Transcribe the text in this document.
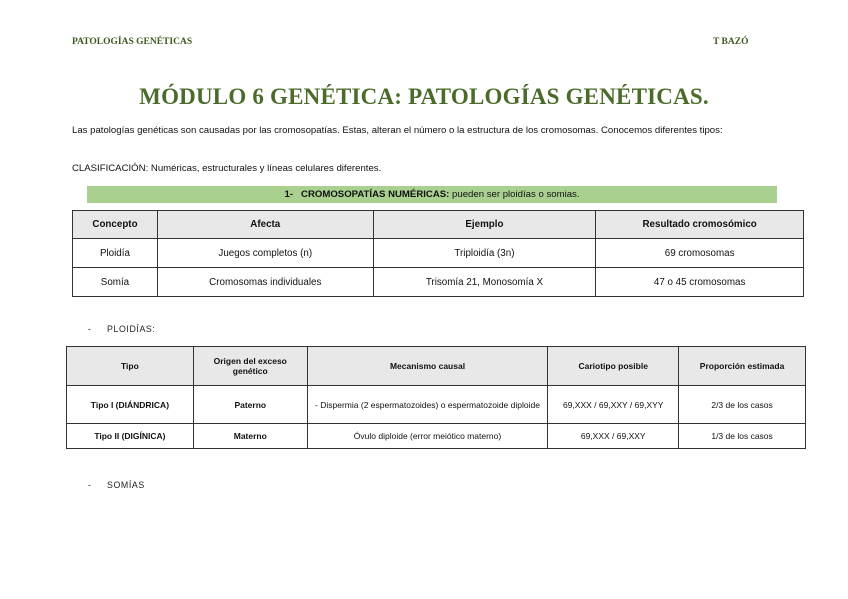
PATOLOGÍAS GENÉTICAS	T BAZÓ
MÓDULO 6 GENÉTICA: PATOLOGÍAS GENÉTICAS.
Las patologías genéticas son causadas por las cromosopatías. Estas, alteran el número o la estructura de los cromosomas. Conocemos diferentes tipos:
CLASIFICACIÓN: Numéricas, estructurales y líneas celulares diferentes.
1- CROMOSOPATÍAS NUMÉRICAS: pueden ser ploidías o somias.
Concepto	Afecta	Ejemplo	Resultado cromosómico
Ploidía	Juegos completos (n)	Triploidía (3n)	69 cromosomas
Somía	Cromosomas individuales	Trisomía 21, Monosomía X	47 o 45 cromosomas
- PLOIDÍAS:
Tipo	Origen del exceso genético	Mecanismo causal	Cariotipo posible	Proporción estimada
Tipo I (DIÁNDRICA)	Paterno	- Dispermia (2 espermatozoides) o espermatozoide diploide	69,XXX / 69,XXY / 69,XYY	2/3 de los casos
Tipo II (DIGÍNICA)	Materno	Óvulo diploide (error meiótico materno)	69,XXX / 69,XXY	1/3 de los casos
- SOMÍAS
